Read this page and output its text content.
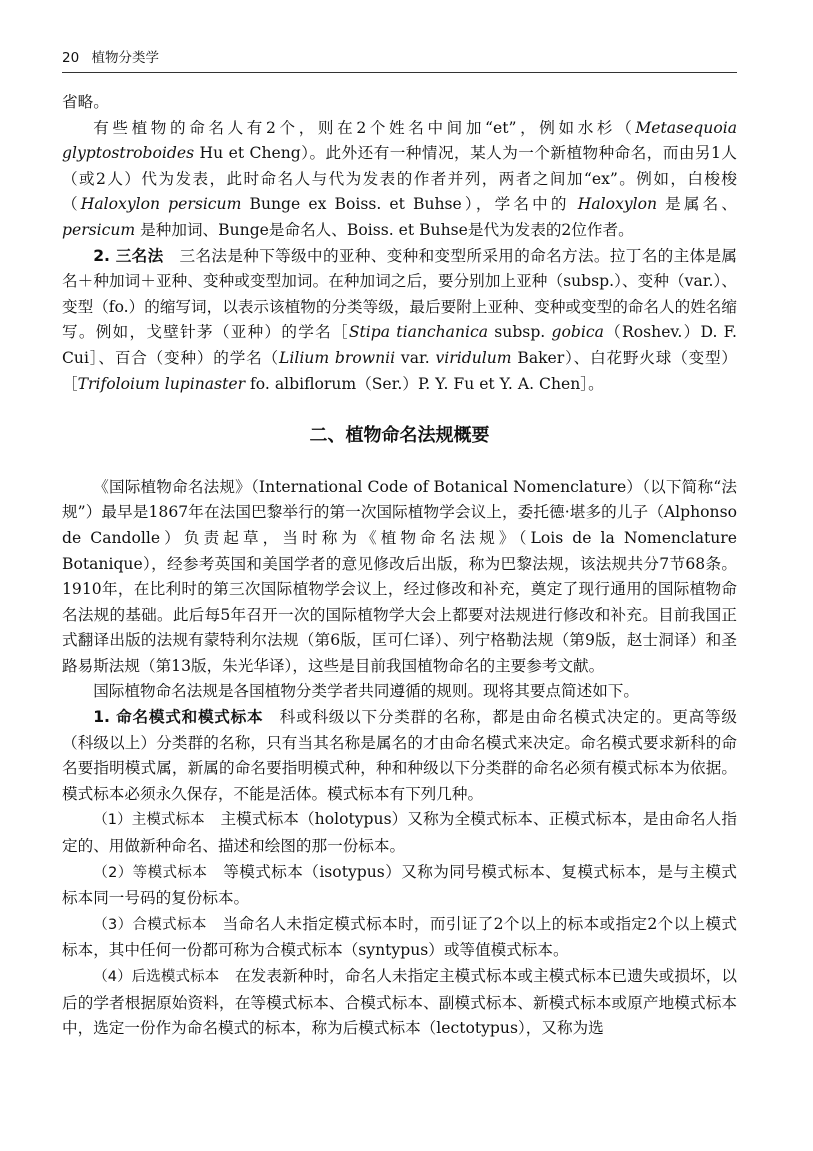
20 植物分类学

省略。

有些植物的命名人有2个，则在2个姓名中间加“et”，例如水杉（Metasequoia glyptostroboides Hu et Cheng）。此外还有一种情况，某人为一个新植物种命名，而由另1人（或2人）代为发表，此时命名人与代为发表的作者并列，两者之间加“ex”。例如，白梭梭（Haloxylon persicum Bunge ex Boiss. et Buhse），学名中的 Haloxylon 是属名、persicum 是种加词、Bunge是命名人、Boiss. et Buhse是代为发表的2位作者。

2. 三名法　三名法是种下等级中的亚种、变种和变型所采用的命名方法。拉丁名的主体是属名＋种加词＋亚种、变种或变型加词。在种加词之后，要分别加上亚种（subsp.）、变种（var.）、变型（fo.）的缩写词，以表示该植物的分类等级，最后要附上亚种、变种或变型的命名人的姓名缩写。例如，戈壁针茅（亚种）的学名［Stipa tianchanica subsp. gobica（Roshev.）D. F. Cui］、百合（变种）的学名（Lilium brownii var. viridulum Baker）、白花野火球（变型）［Trifoloium lupinaster fo. albiflorum（Ser.）P. Y. Fu et Y. A. Chen］。

二、植物命名法规概要

《国际植物命名法规》（International Code of Botanical Nomenclature）（以下简称“法规”）最早是1867年在法国巴黎举行的第一次国际植物学会议上，委托德·堪多的儿子（Alphonso de Candolle）负责起草，当时称为《植物命名法规》（Lois de la Nomenclature Botanique），经参考英国和美国学者的意见修改后出版，称为巴黎法规，该法规共分7节68条。1910年，在比利时的第三次国际植物学会议上，经过修改和补充，奠定了现行通用的国际植物命名法规的基础。此后每5年召开一次的国际植物学大会上都要对法规进行修改和补充。目前我国正式翻译出版的法规有蒙特利尔法规（第6版，匡可仁译）、列宁格勒法规（第9版，赵士洞译）和圣路易斯法规（第13版，朱光华译），这些是目前我国植物命名的主要参考文献。

国际植物命名法规是各国植物分类学者共同遵循的规则。现将其要点简述如下。

1. 命名模式和模式标本　科或科级以下分类群的名称，都是由命名模式决定的。更高等级（科级以上）分类群的名称，只有当其名称是属名的才由命名模式来决定。命名模式要求新科的命名要指明模式属，新属的命名要指明模式种，种和种级以下分类群的命名必须有模式标本为依据。模式标本必须永久保存，不能是活体。模式标本有下列几种。

（1）主模式标本　主模式标本（holotypus）又称为全模式标本、正模式标本，是由命名人指定的、用做新种命名、描述和绘图的那一份标本。

（2）等模式标本　等模式标本（isotypus）又称为同号模式标本、复模式标本，是与主模式标本同一号码的复份标本。

（3）合模式标本　当命名人未指定模式标本时，而引证了2个以上的标本或指定2个以上模式标本，其中任何一份都可称为合模式标本（syntypus）或等值模式标本。

（4）后选模式标本　在发表新种时，命名人未指定主模式标本或主模式标本已遗失或损坏，以后的学者根据原始资料，在等模式标本、合模式标本、副模式标本、新模式标本或原产地模式标本中，选定一份作为命名模式的标本，称为后模式标本（lectotypus），又称为选
